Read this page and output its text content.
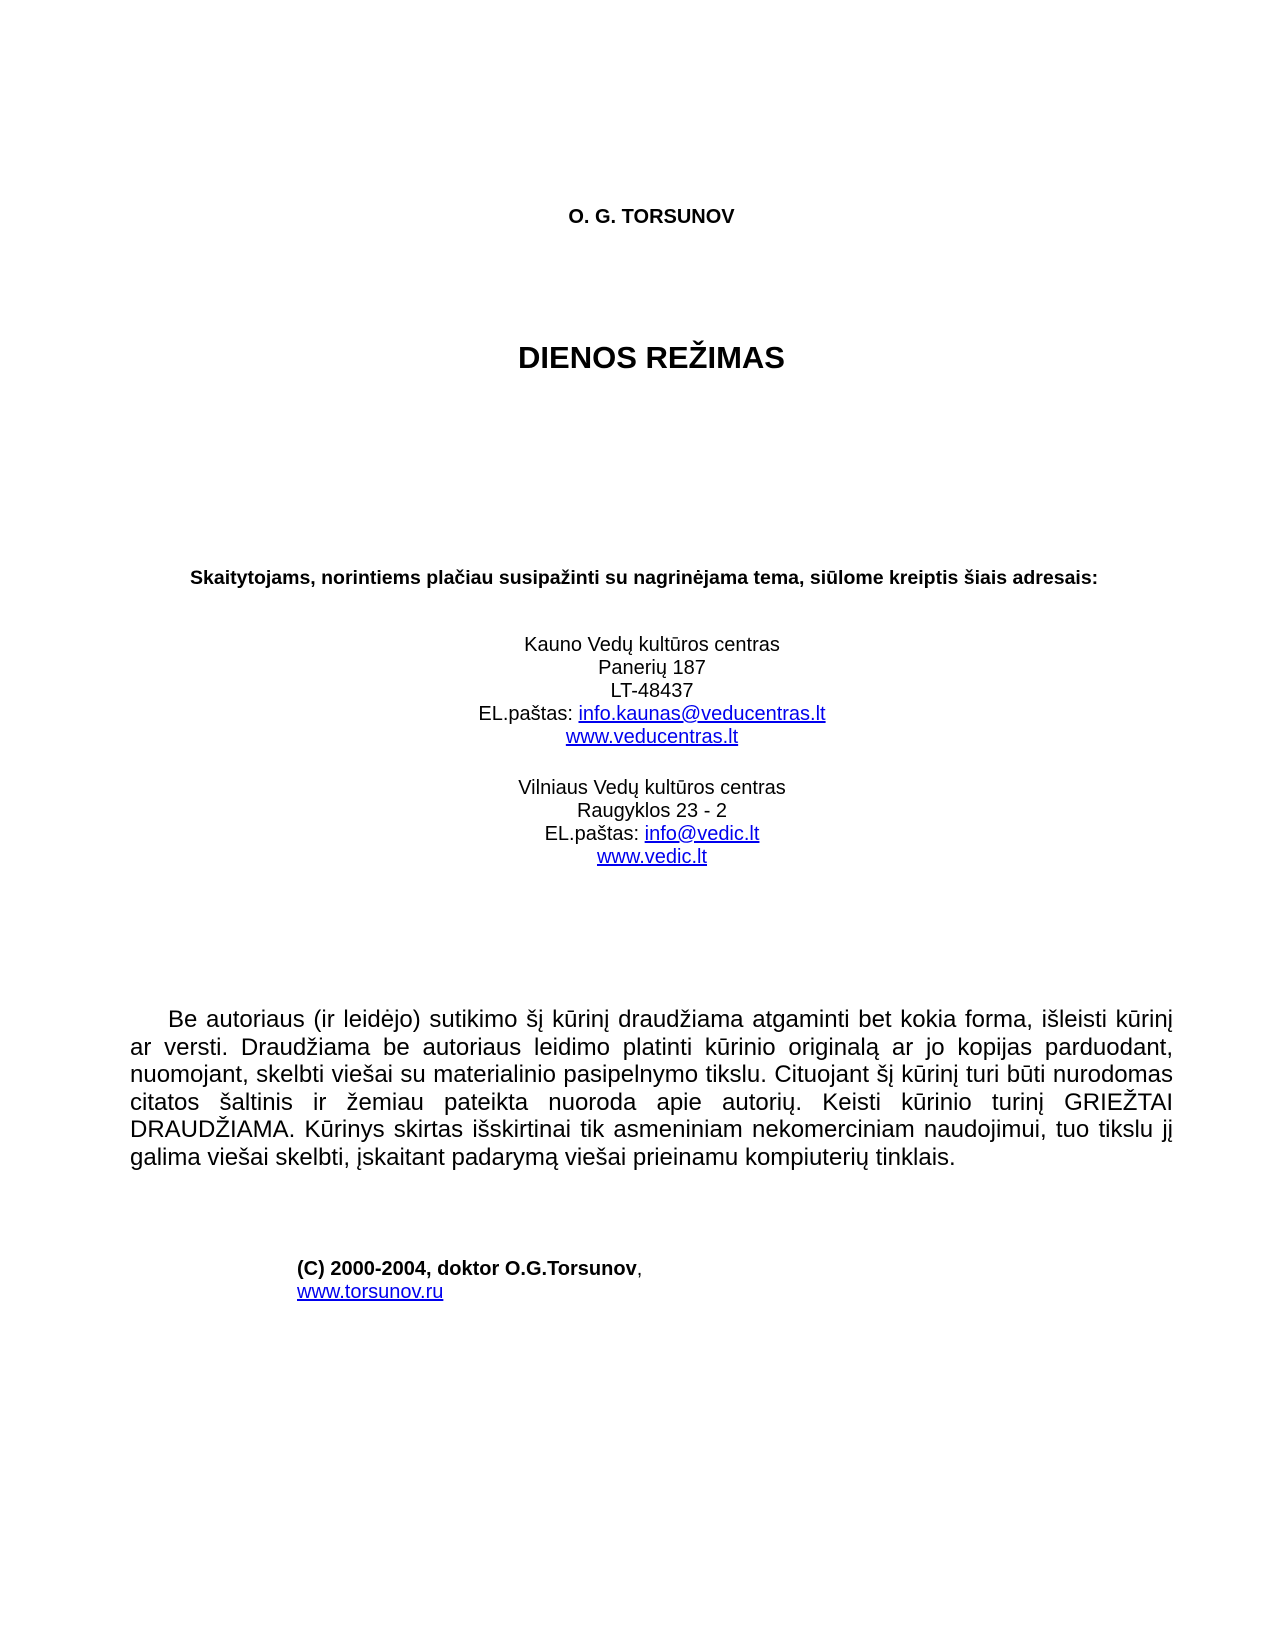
O. G. TORSUNOV
DIENOS REŽIMAS
Skaitytojams, norintiems plačiau susipažinti su nagrinėjama tema, siūlome kreiptis šiais adresais:
Kauno Vedų kultūros centras
Panerių 187
LT-48437
EL.paštas: info.kaunas@veducentras.lt
www.veducentras.lt
Vilniaus Vedų kultūros centras
Raugyklos 23 - 2
EL.paštas: info@vedic.lt
www.vedic.lt
Be autoriaus (ir leidėjo) sutikimo šį kūrinį draudžiama atgaminti bet kokia forma, išleisti kūrinį ar versti. Draudžiama be autoriaus leidimo platinti kūrinio originalą ar jo kopijas parduodant, nuomojant, skelbti viešai su materialinio pasipelnymo tikslu. Cituojant šį kūrinį turi būti nurodomas citatos šaltinis ir žemiau pateikta nuoroda apie autorių. Keisti kūrinio turinį GRIEŽTAI DRAUDŽIAMA. Kūrinys skirtas išskirtinai tik asmeniniam nekomerciniam naudojimui, tuo tikslu jį galima viešai skelbti, įskaitant padarymą viešai prieinamu kompiuterių tinklais.
(C) 2000-2004, doktor O.G.Torsunov,
www.torsunov.ru
